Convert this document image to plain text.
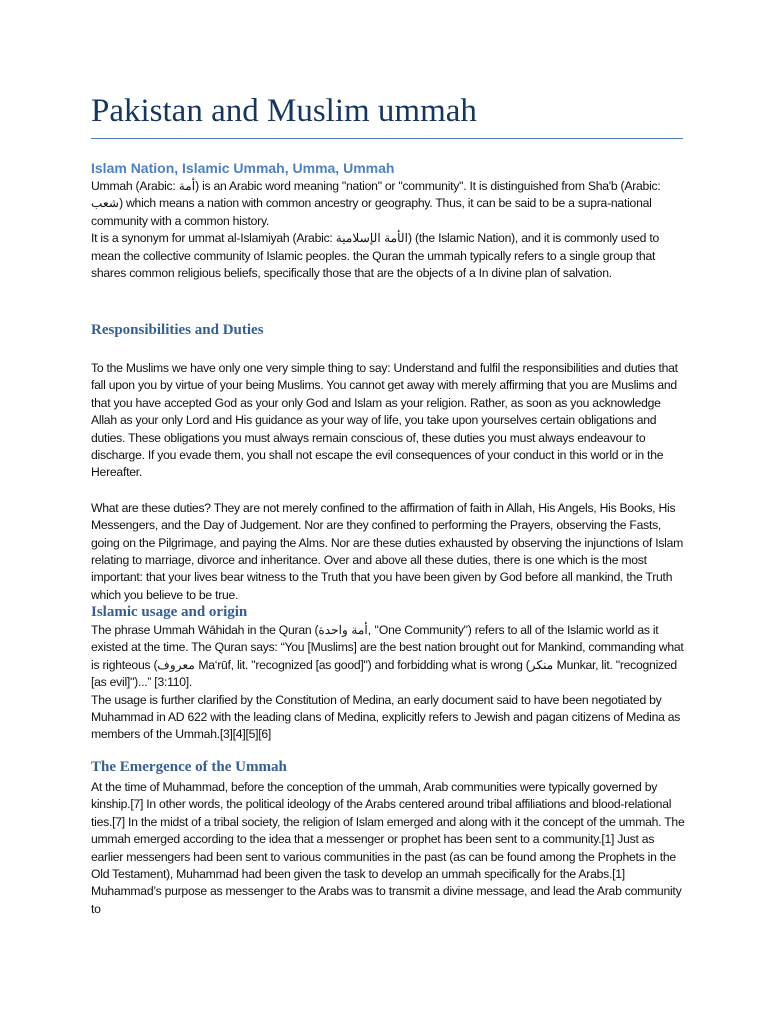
Pakistan and Muslim ummah
Islam Nation, Islamic Ummah, Umma, Ummah

Ummah (Arabic: أمة) is an Arabic word meaning "nation" or "community". It is distinguished from Sha'b (Arabic: شعب) which means a nation with common ancestry or geography. Thus, it can be said to be a supra-national community with a common history.

It is a synonym for ummat al-Islamiyah (Arabic: الأمة الإسلامية) (the Islamic Nation), and it is commonly used to mean the collective community of Islamic peoples. the Quran the ummah typically refers to a single group that shares common religious beliefs, specifically those that are the objects of a In divine plan of salvation.

Responsibilities and Duties

To the Muslims we have only one very simple thing to say: Understand and fulfil the responsibilities and duties that fall upon you by virtue of your being Muslims. You cannot get away with merely affirming that you are Muslims and that you have accepted God as your only God and Islam as your religion. Rather, as soon as you acknowledge Allah as your only Lord and His guidance as your way of life, you take upon yourselves certain obligations and duties. These obligations you must always remain conscious of, these duties you must always endeavour to discharge. If you evade them, you shall not escape the evil consequences of your conduct in this world or in the Hereafter.

What are these duties? They are not merely confined to the affirmation of faith in Allah, His Angels, His Books, His Messengers, and the Day of Judgement. Nor are they confined to performing the Prayers, observing the Fasts, going on the Pilgrimage, and paying the Alms. Nor are these duties exhausted by observing the injunctions of Islam relating to marriage, divorce and inheritance. Over and above all these duties, there is one which is the most important: that your lives bear witness to the Truth that you have been given by God before all mankind, the Truth which you believe to be true.

Islamic usage and origin

The phrase Ummah Wāhidah in the Quran (أمة واحدة, "One Community") refers to all of the Islamic world as it existed at the time. The Quran says: “You [Muslims] are the best nation brought out for Mankind, commanding what is righteous (معروف Ma‘rūf, lit. "recognized [as good]") and forbidding what is wrong (منكر Munkar, lit. "recognized [as evil]")...” [3:110].

The usage is further clarified by the Constitution of Medina, an early document said to have been negotiated by Muhammad in AD 622 with the leading clans of Medina, explicitly refers to Jewish and pagan citizens of Medina as members of the Ummah.[3][4][5][6]

The Emergence of the Ummah

At the time of Muhammad, before the conception of the ummah, Arab communities were typically governed by kinship.[7] In other words, the political ideology of the Arabs centered around tribal affiliations and blood-relational ties.[7] In the midst of a tribal society, the religion of Islam emerged and along with it the concept of the ummah. The ummah emerged according to the idea that a messenger or prophet has been sent to a community.[1] Just as earlier messengers had been sent to various communities in the past (as can be found among the Prophets in the Old Testament), Muhammad had been given the task to develop an ummah specifically for the Arabs.[1] Muhammad’s purpose as messenger to the Arabs was to transmit a divine message, and lead the Arab community to
